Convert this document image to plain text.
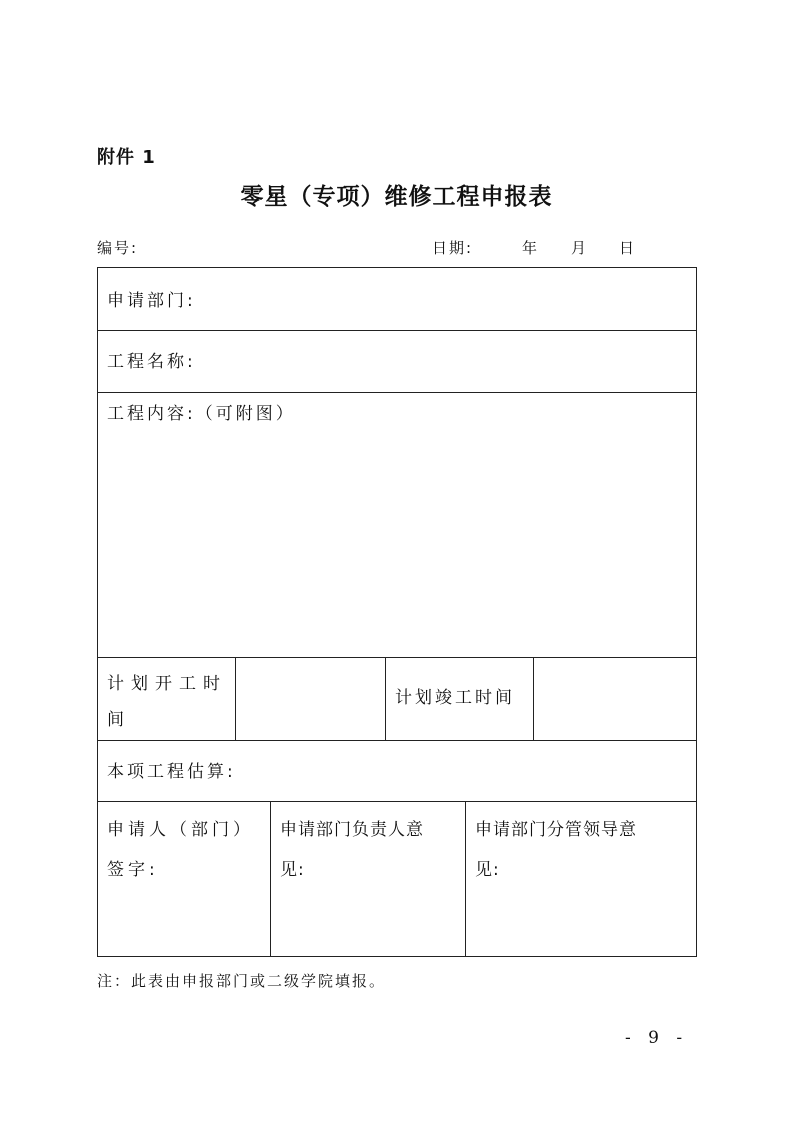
附件 1
零星（专项）维修工程申报表
编号:	日期:	年 月 日
申请部门:
工程名称:
工程内容:（可附图）
计划开工时间
计划竣工时间
本项工程估算:
申请人（部门）签字:
申请部门负责人意见:
申请部门分管领导意见:
注：此表由申报部门或二级学院填报。
- 9 -
